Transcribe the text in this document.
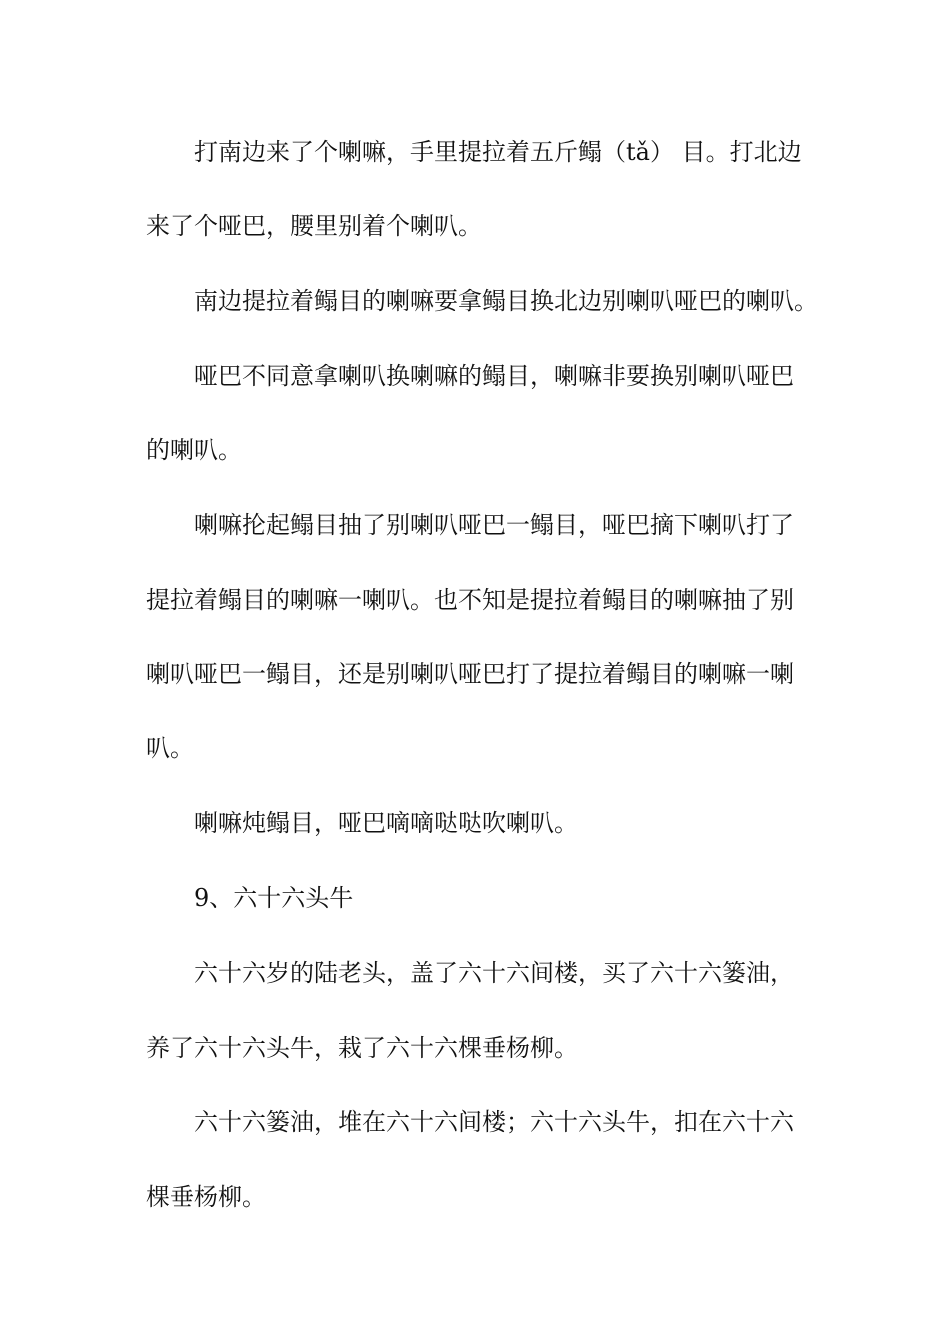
打南边来了个喇嘛，手里提拉着五斤鳎（tǎ） 目。打北边
来了个哑巴，腰里别着个喇叭。
南边提拉着鳎目的喇嘛要拿鳎目换北边别喇叭哑巴的喇叭。
哑巴不同意拿喇叭换喇嘛的鳎目，喇嘛非要换别喇叭哑巴
的喇叭。
喇嘛抡起鳎目抽了别喇叭哑巴一鳎目，哑巴摘下喇叭打了
提拉着鳎目的喇嘛一喇叭。也不知是提拉着鳎目的喇嘛抽了别
喇叭哑巴一鳎目，还是别喇叭哑巴打了提拉着鳎目的喇嘛一喇
叭。
喇嘛炖鳎目，哑巴嘀嘀哒哒吹喇叭。
9、六十六头牛
六十六岁的陆老头，盖了六十六间楼，买了六十六篓油，
养了六十六头牛，栽了六十六棵垂杨柳。
六十六篓油，堆在六十六间楼；六十六头牛，扣在六十六
棵垂杨柳。
